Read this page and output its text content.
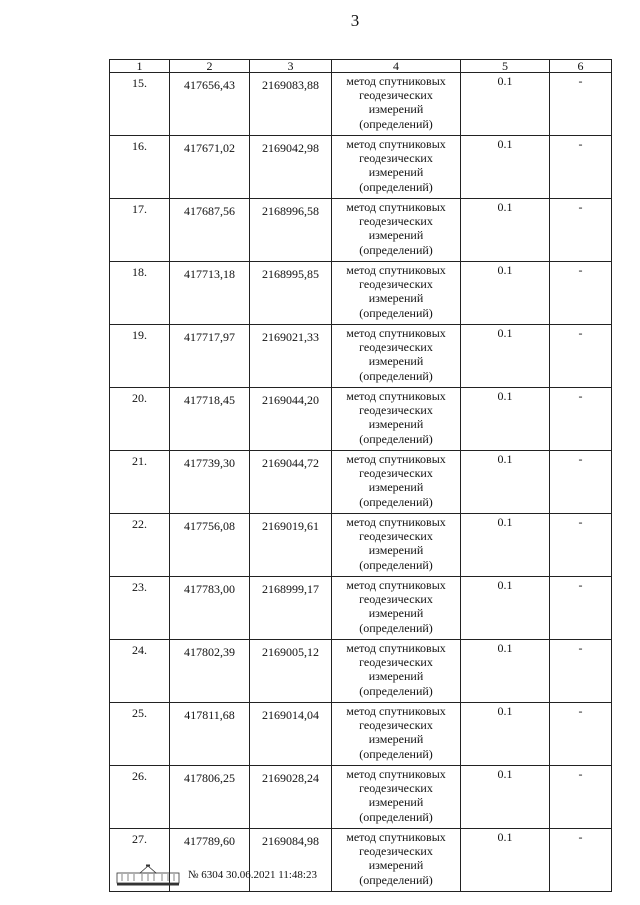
3
1	2	3	4	5	6
15.	417656,43	2169083,88	метод спутниковых геодезических измерений (определений)	0.1	-
16.	417671,02	2169042,98	метод спутниковых геодезических измерений (определений)	0.1	-
17.	417687,56	2168996,58	метод спутниковых геодезических измерений (определений)	0.1	-
18.	417713,18	2168995,85	метод спутниковых геодезических измерений (определений)	0.1	-
19.	417717,97	2169021,33	метод спутниковых геодезических измерений (определений)	0.1	-
20.	417718,45	2169044,20	метод спутниковых геодезических измерений (определений)	0.1	-
21.	417739,30	2169044,72	метод спутниковых геодезических измерений (определений)	0.1	-
22.	417756,08	2169019,61	метод спутниковых геодезических измерений (определений)	0.1	-
23.	417783,00	2168999,17	метод спутниковых геодезических измерений (определений)	0.1	-
24.	417802,39	2169005,12	метод спутниковых геодезических измерений (определений)	0.1	-
25.	417811,68	2169014,04	метод спутниковых геодезических измерений (определений)	0.1	-
26.	417806,25	2169028,24	метод спутниковых геодезических измерений (определений)	0.1	-
27.	417789,60	2169084,98	метод спутниковых геодезических измерений (определений)	0.1	-
№ 6304 30.06.2021 11:48:23
